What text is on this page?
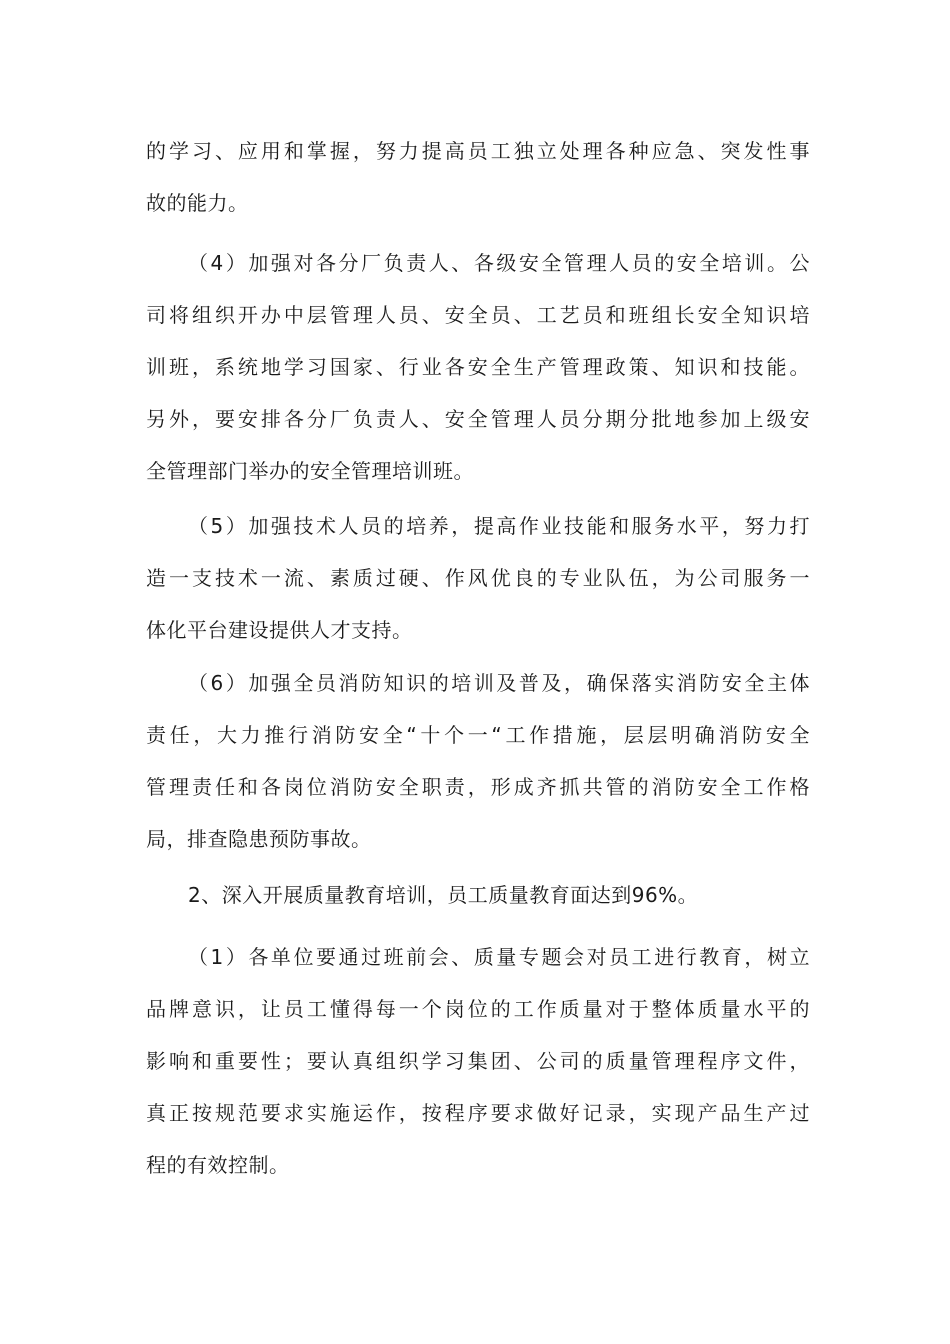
的学习、应用和掌握，努力提高员工独立处理各种应急、突发性事
故的能力。
（4）加强对各分厂负责人、各级安全管理人员的安全培训。公
司将组织开办中层管理人员、安全员、工艺员和班组长安全知识培
训班，系统地学习国家、行业各安全生产管理政策、知识和技能。
另外，要安排各分厂负责人、安全管理人员分期分批地参加上级安
全管理部门举办的安全管理培训班。
（5）加强技术人员的培养，提高作业技能和服务水平，努力打
造一支技术一流、素质过硬、作风优良的专业队伍，为公司服务一
体化平台建设提供人才支持。
（6）加强全员消防知识的培训及普及，确保落实消防安全主体
责任，大力推行消防安全“十个一“工作措施，层层明确消防安全
管理责任和各岗位消防安全职责，形成齐抓共管的消防安全工作格
局，排查隐患预防事故。
2、深入开展质量教育培训，员工质量教育面达到96%。
（1）各单位要通过班前会、质量专题会对员工进行教育，树立
品牌意识，让员工懂得每一个岗位的工作质量对于整体质量水平的
影响和重要性；要认真组织学习集团、公司的质量管理程序文件，
真正按规范要求实施运作，按程序要求做好记录，实现产品生产过
程的有效控制。
